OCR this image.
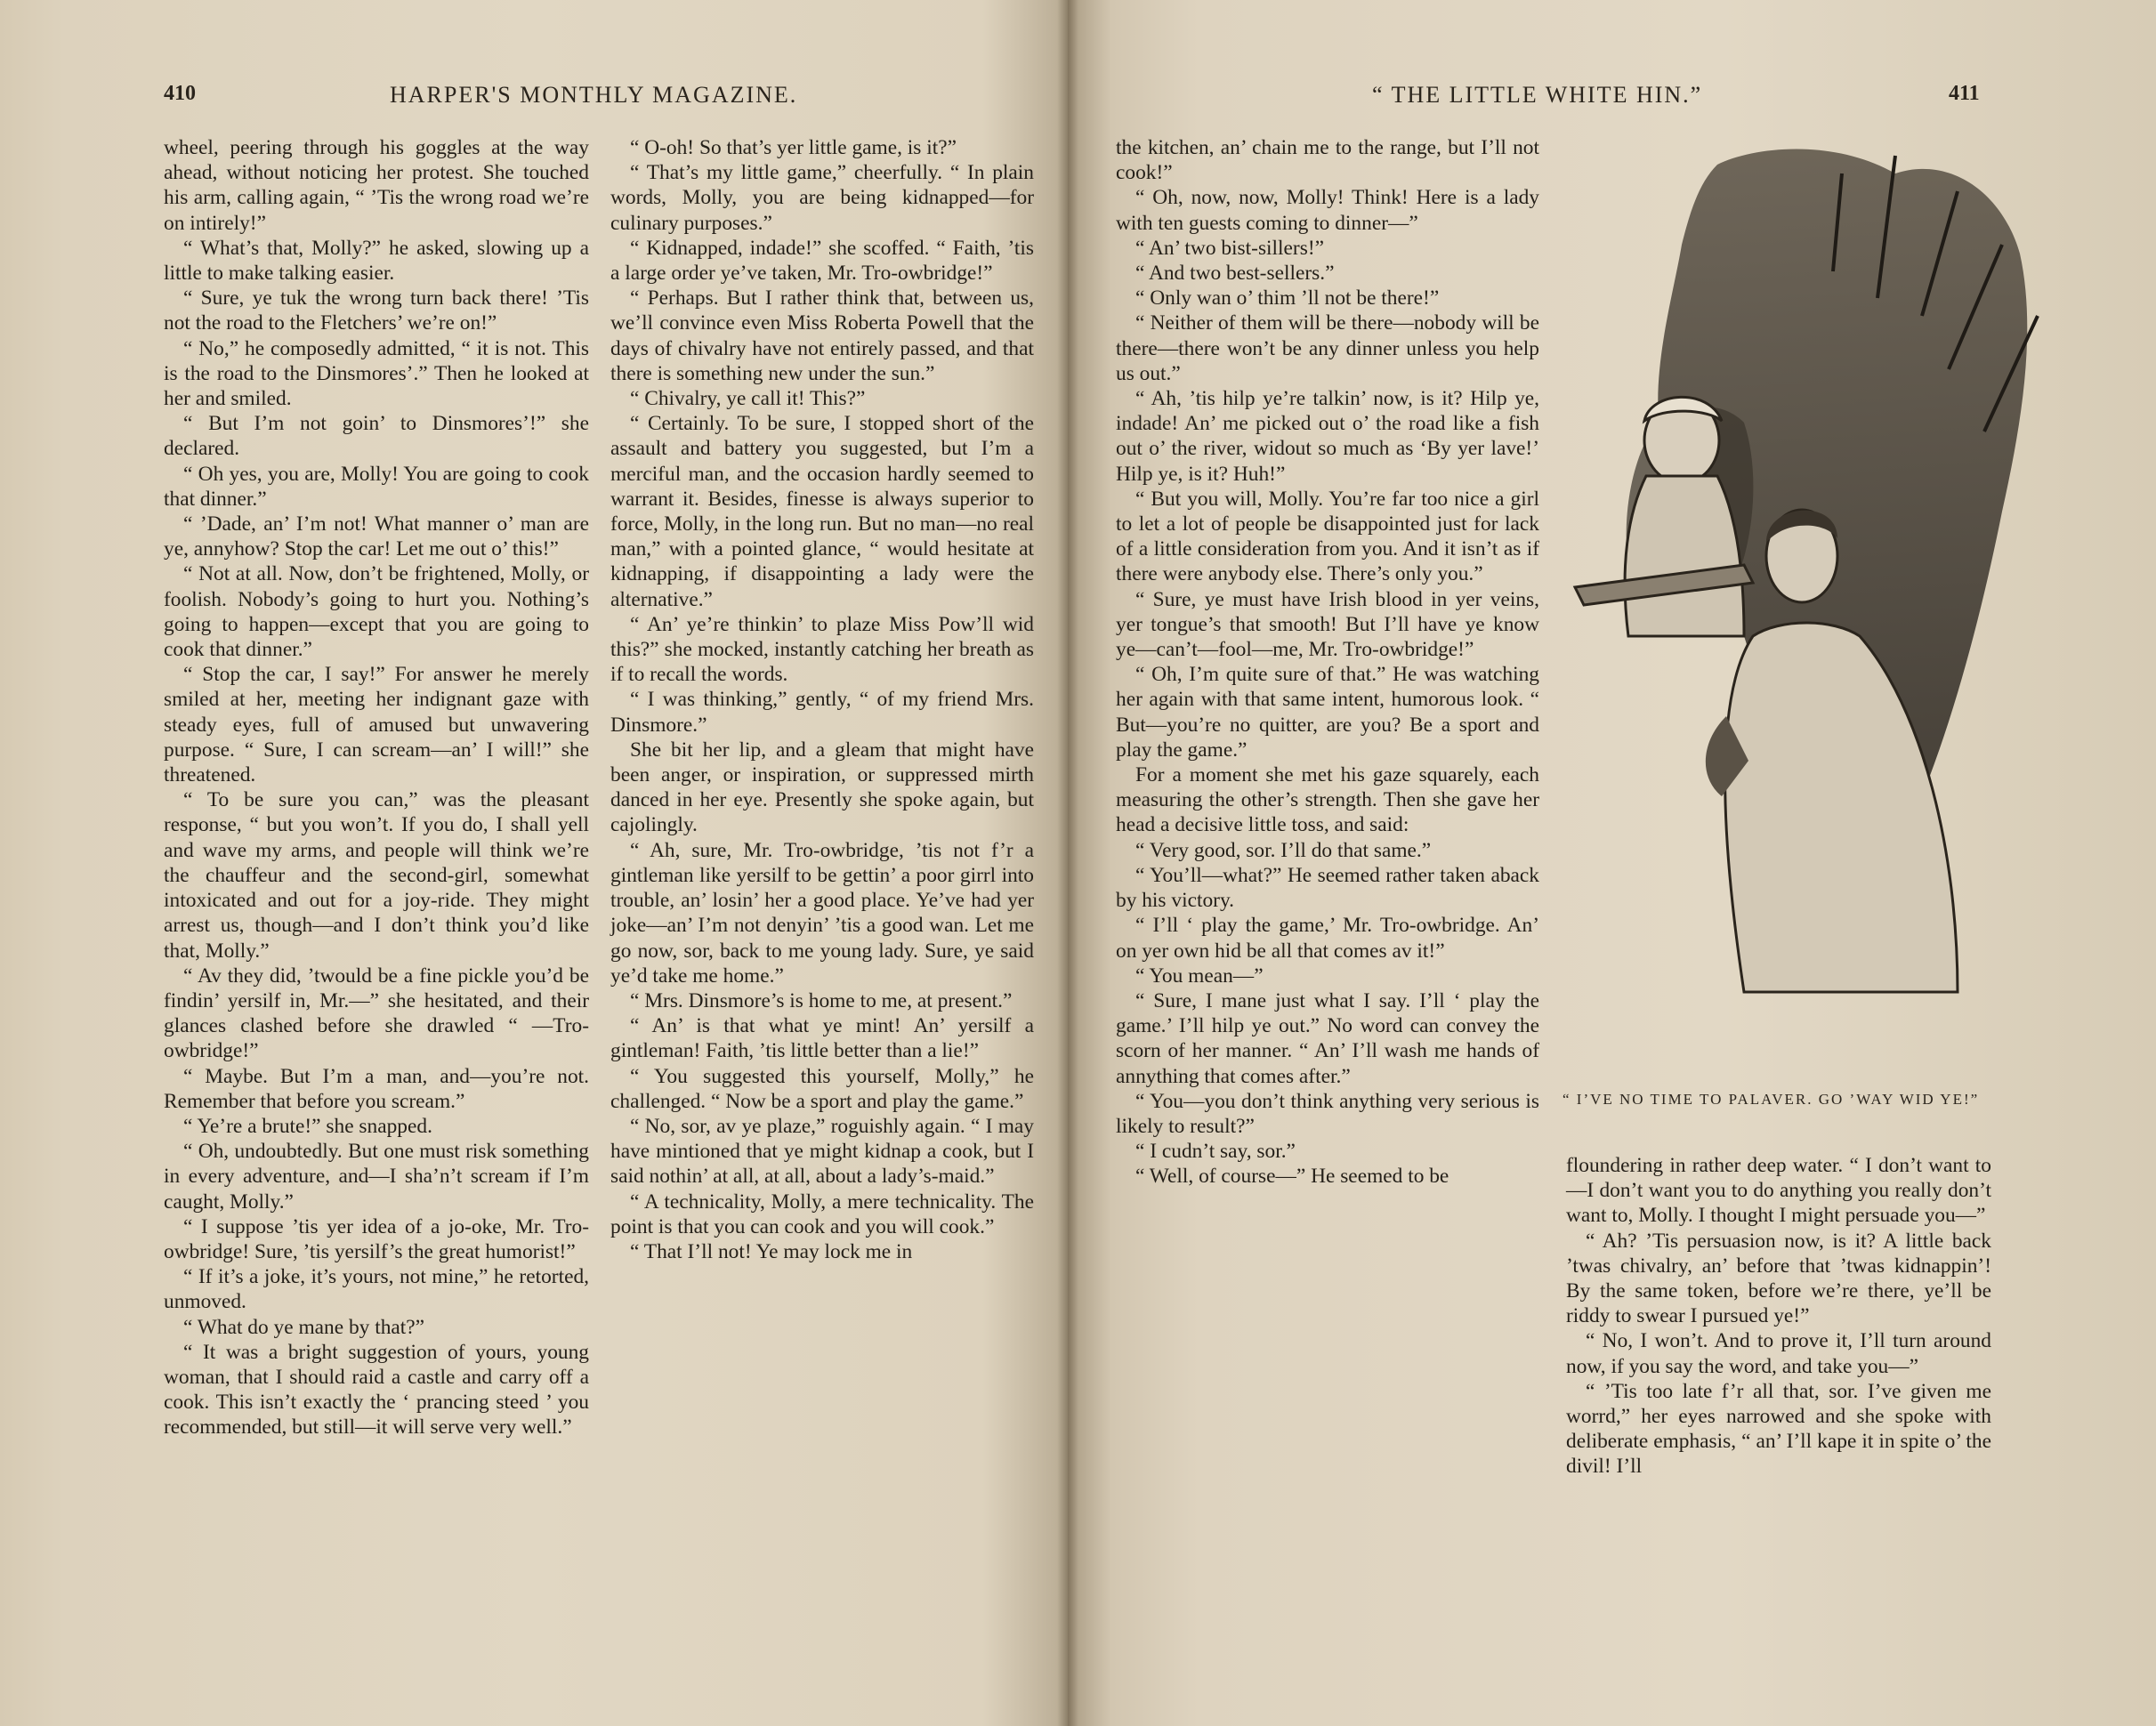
410	HARPER'S MONTHLY MAGAZINE.

wheel, peering through his goggles at the way ahead, without noticing her protest. She touched his arm, calling again, “ ’Tis the wrong road we’re on intirely!”

“ What’s that, Molly?” he asked, slowing up a little to make talking easier.

“ Sure, ye tuk the wrong turn back there! ’Tis not the road to the Fletchers’ we’re on!”

“ No,” he composedly admitted, “ it is not. This is the road to the Dinsmores’.” Then he looked at her and smiled.

“ But I’m not goin’ to Dinsmores’!” she declared.

“ Oh yes, you are, Molly! You are going to cook that dinner.”

“ ’Dade, an’ I’m not! What manner o’ man are ye, annyhow? Stop the car! Let me out o’ this!”

“ Not at all. Now, don’t be frightened, Molly, or foolish. Nobody’s going to hurt you. Nothing’s going to happen—except that you are going to cook that dinner.”

“ Stop the car, I say!” For answer he merely smiled at her, meeting her indignant gaze with steady eyes, full of amused but unwavering purpose. “ Sure, I can scream—an’ I will!” she threatened.

“ To be sure you can,” was the pleasant response, “ but you won’t. If you do, I shall yell and wave my arms, and people will think we’re the chauffeur and the second-girl, somewhat intoxicated and out for a joy-ride. They might arrest us, though—and I don’t think you’d like that, Molly.”

“ Av they did, ’twould be a fine pickle you’d be findin’ yersilf in, Mr.—” she hesitated, and their glances clashed before she drawled “ —Tro-owbridge!”

“ Maybe. But I’m a man, and—you’re not. Remember that before you scream.”

“ Ye’re a brute!” she snapped.

“ Oh, undoubtedly. But one must risk something in every adventure, and—I sha’n’t scream if I’m caught, Molly.”

“ I suppose ’tis yer idea of a jo-oke, Mr. Tro-owbridge! Sure, ’tis yersilf’s the great humorist!”

“ If it’s a joke, it’s yours, not mine,” he retorted, unmoved.

“ What do ye mane by that?”

“ It was a bright suggestion of yours, young woman, that I should raid a castle and carry off a cook. This isn’t exactly the ‘ prancing steed ’ you recommended, but still—it will serve very well.”

“ O-oh! So that’s yer little game, is it?”

“ That’s my little game,” cheerfully. “ In plain words, Molly, you are being kidnapped—for culinary purposes.”

“ Kidnapped, indade!” she scoffed. “ Faith, ’tis a large order ye’ve taken, Mr. Tro-owbridge!”

“ Perhaps. But I rather think that, between us, we’ll convince even Miss Roberta Powell that the days of chivalry have not entirely passed, and that there is something new under the sun.”

“ Chivalry, ye call it! This?”

“ Certainly. To be sure, I stopped short of the assault and battery you suggested, but I’m a merciful man, and the occasion hardly seemed to warrant it. Besides, finesse is always superior to force, Molly, in the long run. But no man—no real man,” with a pointed glance, “ would hesitate at kidnapping, if disappointing a lady were the alternative.”

“ An’ ye’re thinkin’ to plaze Miss Pow’ll wid this?” she mocked, instantly catching her breath as if to recall the words.

“ I was thinking,” gently, “ of my friend Mrs. Dinsmore.”

She bit her lip, and a gleam that might have been anger, or inspiration, or suppressed mirth danced in her eye. Presently she spoke again, but cajolingly.

“ Ah, sure, Mr. Tro-owbridge, ’tis not f’r a gintleman like yersilf to be gettin’ a poor girrl into trouble, an’ losin’ her a good place. Ye’ve had yer joke—an’ I’m not denyin’ ’tis a good wan. Let me go now, sor, back to me young lady. Sure, ye said ye’d take me home.”

“ Mrs. Dinsmore’s is home to me, at present.”

“ An’ is that what ye mint! An’ yersilf a gintleman! Faith, ’tis little better than a lie!”

“ You suggested this yourself, Molly,” he challenged. “ Now be a sport and play the game.”

“ No, sor, av ye plaze,” roguishly again. “ I may have mintioned that ye might kidnap a cook, but I said nothin’ at all, at all, about a lady’s-maid.”

“ A technicality, Molly, a mere technicality. The point is that you can cook and you will cook.”

“ That I’ll not! Ye may lock me in

“ THE LITTLE WHITE HIN.”	411

the kitchen, an’ chain me to the range, but I’ll not cook!”

“ Oh, now, now, Molly! Think! Here is a lady with ten guests coming to dinner—”

“ An’ two bist-sillers!”

“ And two best-sellers.”

“ Only wan o’ thim ’ll not be there!”

“ Neither of them will be there—nobody will be there—there won’t be any dinner unless you help us out.”

“ Ah, ’tis hilp ye’re talkin’ now, is it? Hilp ye, indade! An’ me picked out o’ the road like a fish out o’ the river, widout so much as ‘By yer lave!’ Hilp ye, is it? Huh!”

“ But you will, Molly. You’re far too nice a girl to let a lot of people be disappointed just for lack of a little consideration from you. And it isn’t as if there were anybody else. There’s only you.”

“ Sure, ye must have Irish blood in yer veins, yer tongue’s that smooth! But I’ll have ye know ye—can’t—fool—me, Mr. Tro-owbridge!”

“ Oh, I’m quite sure of that.” He was watching her again with that same intent, humorous look. “ But—you’re no quitter, are you? Be a sport and play the game.”

For a moment she met his gaze squarely, each measuring the other’s strength. Then she gave her head a decisive little toss, and said:

“ Very good, sor. I’ll do that same.”

“ You’ll—what?” He seemed rather taken aback by his victory.

“ I’ll ‘ play the game,’ Mr. Tro-owbridge. An’ on yer own hid be all that comes av it!”

“ You mean—”

“ Sure, I mane just what I say. I’ll ‘ play the game.’ I’ll hilp ye out.” No word can convey the scorn of her manner. “ An’ I’ll wash me hands of annything that comes after.”

“ You—you don’t think anything very serious is likely to result?”

“ I cudn’t say, sor.”

“ Well, of course—” He seemed to be

“ I’VE NO TIME TO PALAVER. GO ’WAY WID YE!”

floundering in rather deep water. “ I don’t want to—I don’t want you to do anything you really don’t want to, Molly. I thought I might persuade you—”

“ Ah? ’Tis persuasion now, is it? A little back ’twas chivalry, an’ before that ’twas kidnappin’! By the same token, before we’re there, ye’ll be riddy to swear I pursued ye!”

“ No, I won’t. And to prove it, I’ll turn around now, if you say the word, and take you—”

“ ’Tis too late f’r all that, sor. I’ve given me worrd,” her eyes narrowed and she spoke with deliberate emphasis, “ an’ I’ll kape it in spite o’ the divil! I’ll
